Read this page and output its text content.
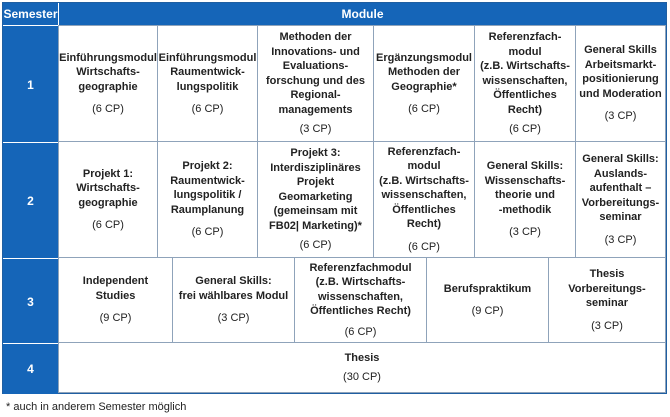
Semester	Module
1
2
3
4
Einführungsmodul
Wirtschafts-
geographie
(6 CP)
Einführungsmodul
Raumentwick-
lungspolitik
(6 CP)
Methoden der
Innovations- und
Evaluations-
forschung und des
Regional-
managements
(3 CP)
Ergänzungsmodul
Methoden der
Geographie*
(6 CP)
Referenzfach-
modul
(z.B. Wirtschafts-
wissenschaften,
Öffentliches
Recht)
(6 CP)
General Skills
Arbeitsmarkt-
positionierung
und Moderation
(3 CP)
Projekt 1:
Wirtschafts-
geographie
(6 CP)
Projekt 2:
Raumentwick-
lungspolitik /
Raumplanung
(6 CP)
Projekt 3:
Interdisziplinäres
Projekt
Geomarketing
(gemeinsam mit
FB02| Marketing)*
(6 CP)
Referenzfach-
modul
(z.B. Wirtschafts-
wissenschaften,
Öffentliches Recht)
(6 CP)
General Skills:
Wissenschafts-
theorie und
-methodik
(3 CP)
General Skills:
Auslands-
aufenthalt –
Vorbereitungs-
seminar
(3 CP)
Independent Studies
(9 CP)
General Skills:
frei wählbares Modul
(3 CP)
Referenzfachmodul
(z.B. Wirtschafts-
wissenschaften,
Öffentliches Recht)
(6 CP)
Berufspraktikum
(9 CP)
Thesis
Vorbereitungs-
seminar
(3 CP)
Thesis
(30 CP)
* auch in anderem Semester möglich
